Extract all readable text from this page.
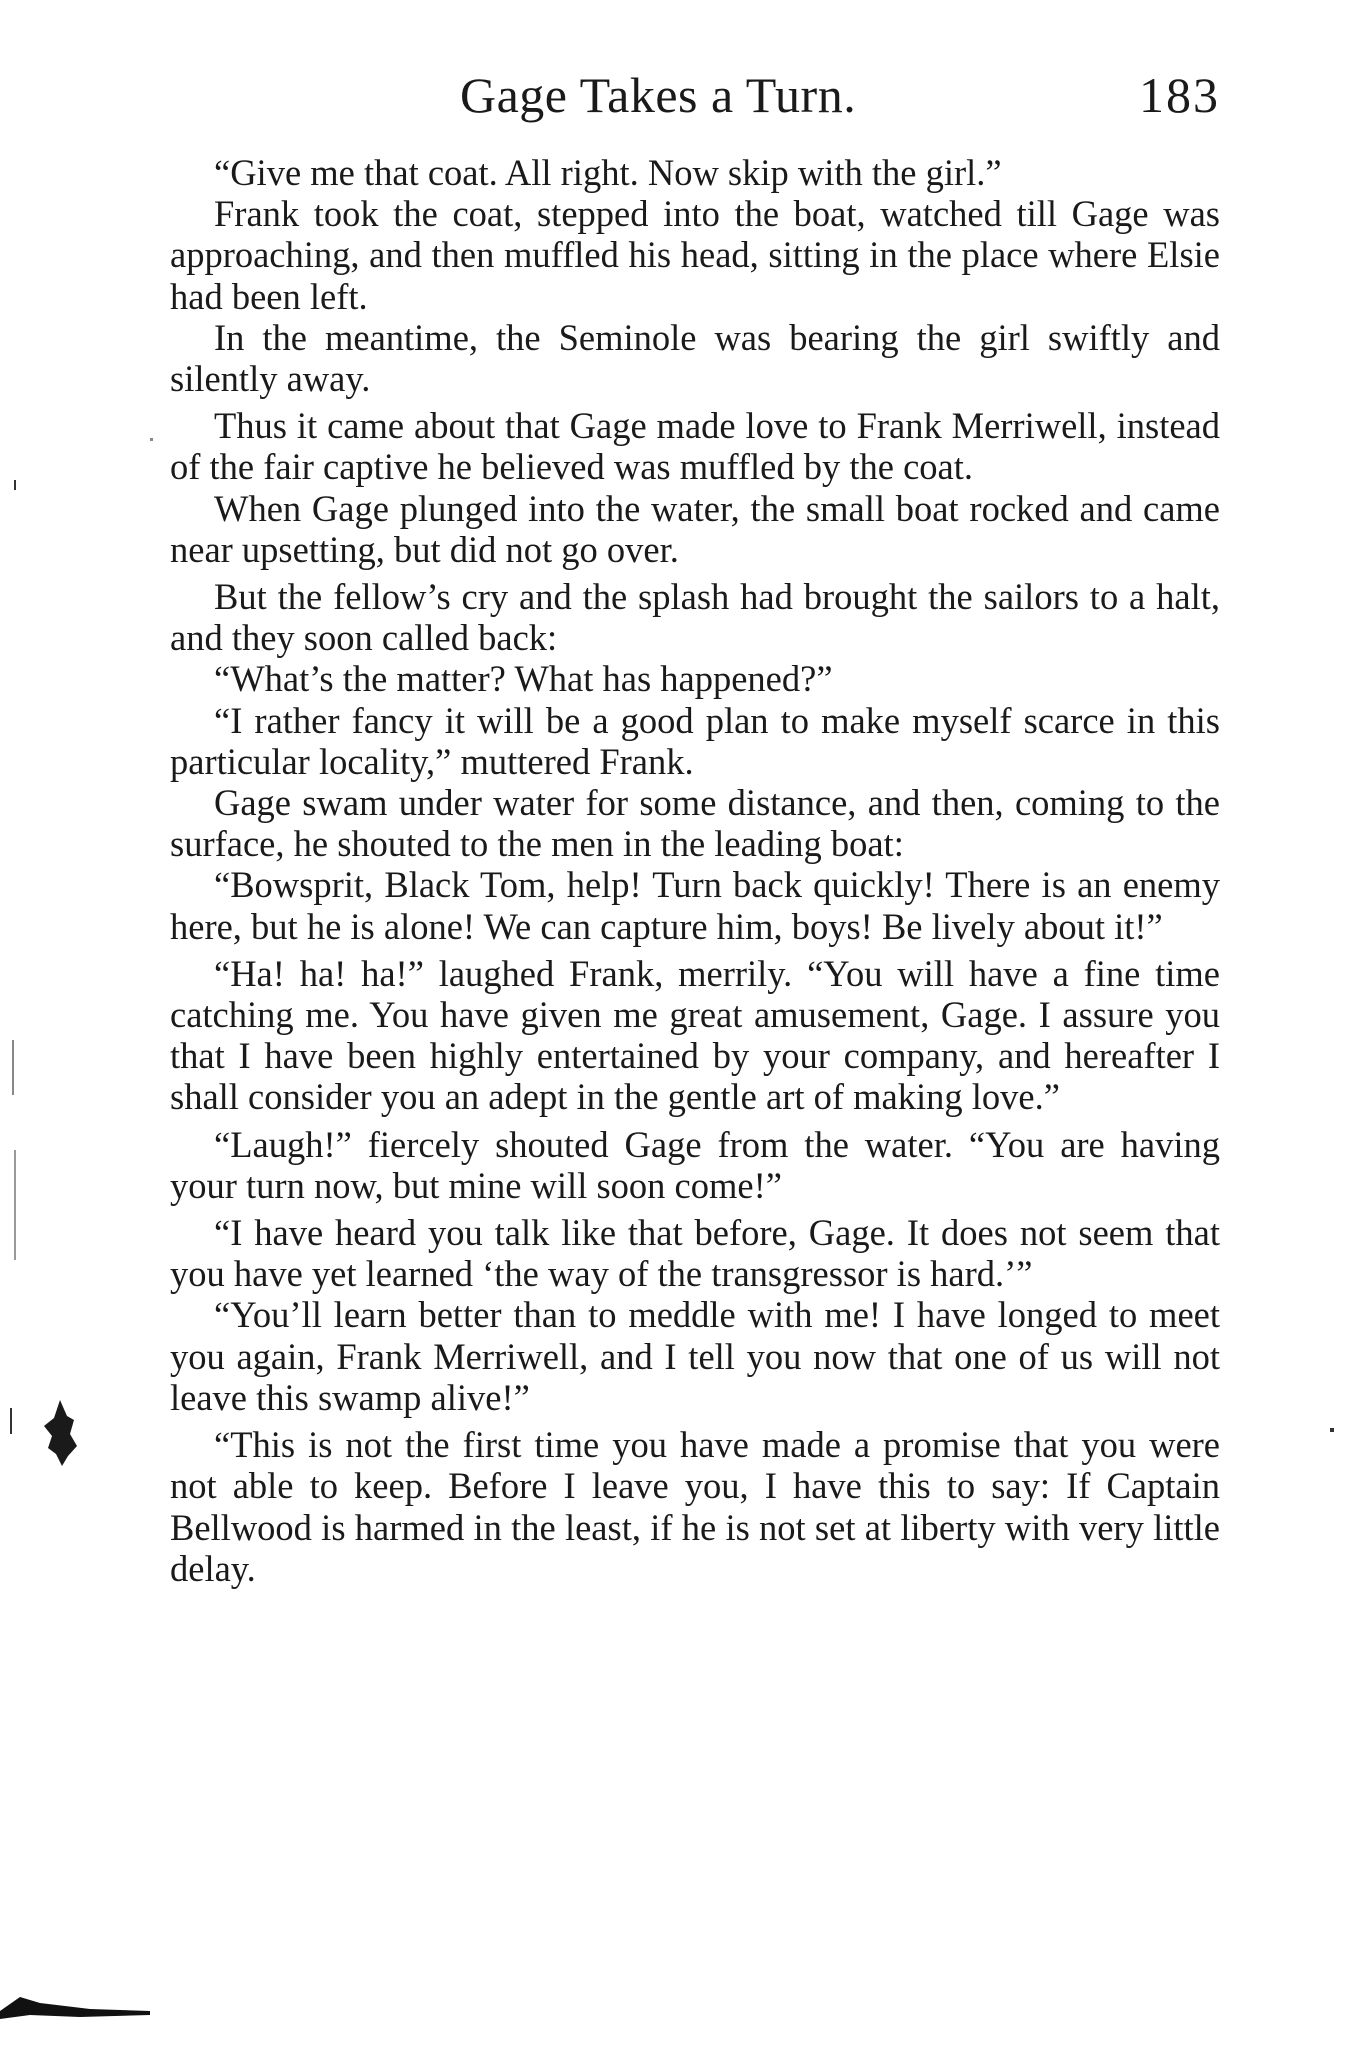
Gage Takes a Turn.	183

“Give me that coat. All right. Now skip with the girl.”

Frank took the coat, stepped into the boat, watched till Gage was approaching, and then muffled his head, sitting in the place where Elsie had been left.

In the meantime, the Seminole was bearing the girl swiftly and silently away.

Thus it came about that Gage made love to Frank Merriwell, instead of the fair captive he believed was muffled by the coat.

When Gage plunged into the water, the small boat rocked and came near upsetting, but did not go over.

But the fellow’s cry and the splash had brought the sailors to a halt, and they soon called back:

“What’s the matter? What has happened?”

“I rather fancy it will be a good plan to make myself scarce in this particular locality,” muttered Frank.

Gage swam under water for some distance, and then, coming to the surface, he shouted to the men in the leading boat:

“Bowsprit, Black Tom, help! Turn back quickly! There is an enemy here, but he is alone! We can capture him, boys! Be lively about it!”

“Ha! ha! ha!” laughed Frank, merrily. “You will have a fine time catching me. You have given me great amusement, Gage. I assure you that I have been highly entertained by your company, and hereafter I shall consider you an adept in the gentle art of making love.”

“Laugh!” fiercely shouted Gage from the water. “You are having your turn now, but mine will soon come!”

“I have heard you talk like that before, Gage. It does not seem that you have yet learned ‘the way of the transgressor is hard.’”

“You’ll learn better than to meddle with me! I have longed to meet you again, Frank Merriwell, and I tell you now that one of us will not leave this swamp alive!”

“This is not the first time you have made a promise that you were not able to keep. Before I leave you, I have this to say: If Captain Bellwood is harmed in the least, if he is not set at liberty with very little delay.
